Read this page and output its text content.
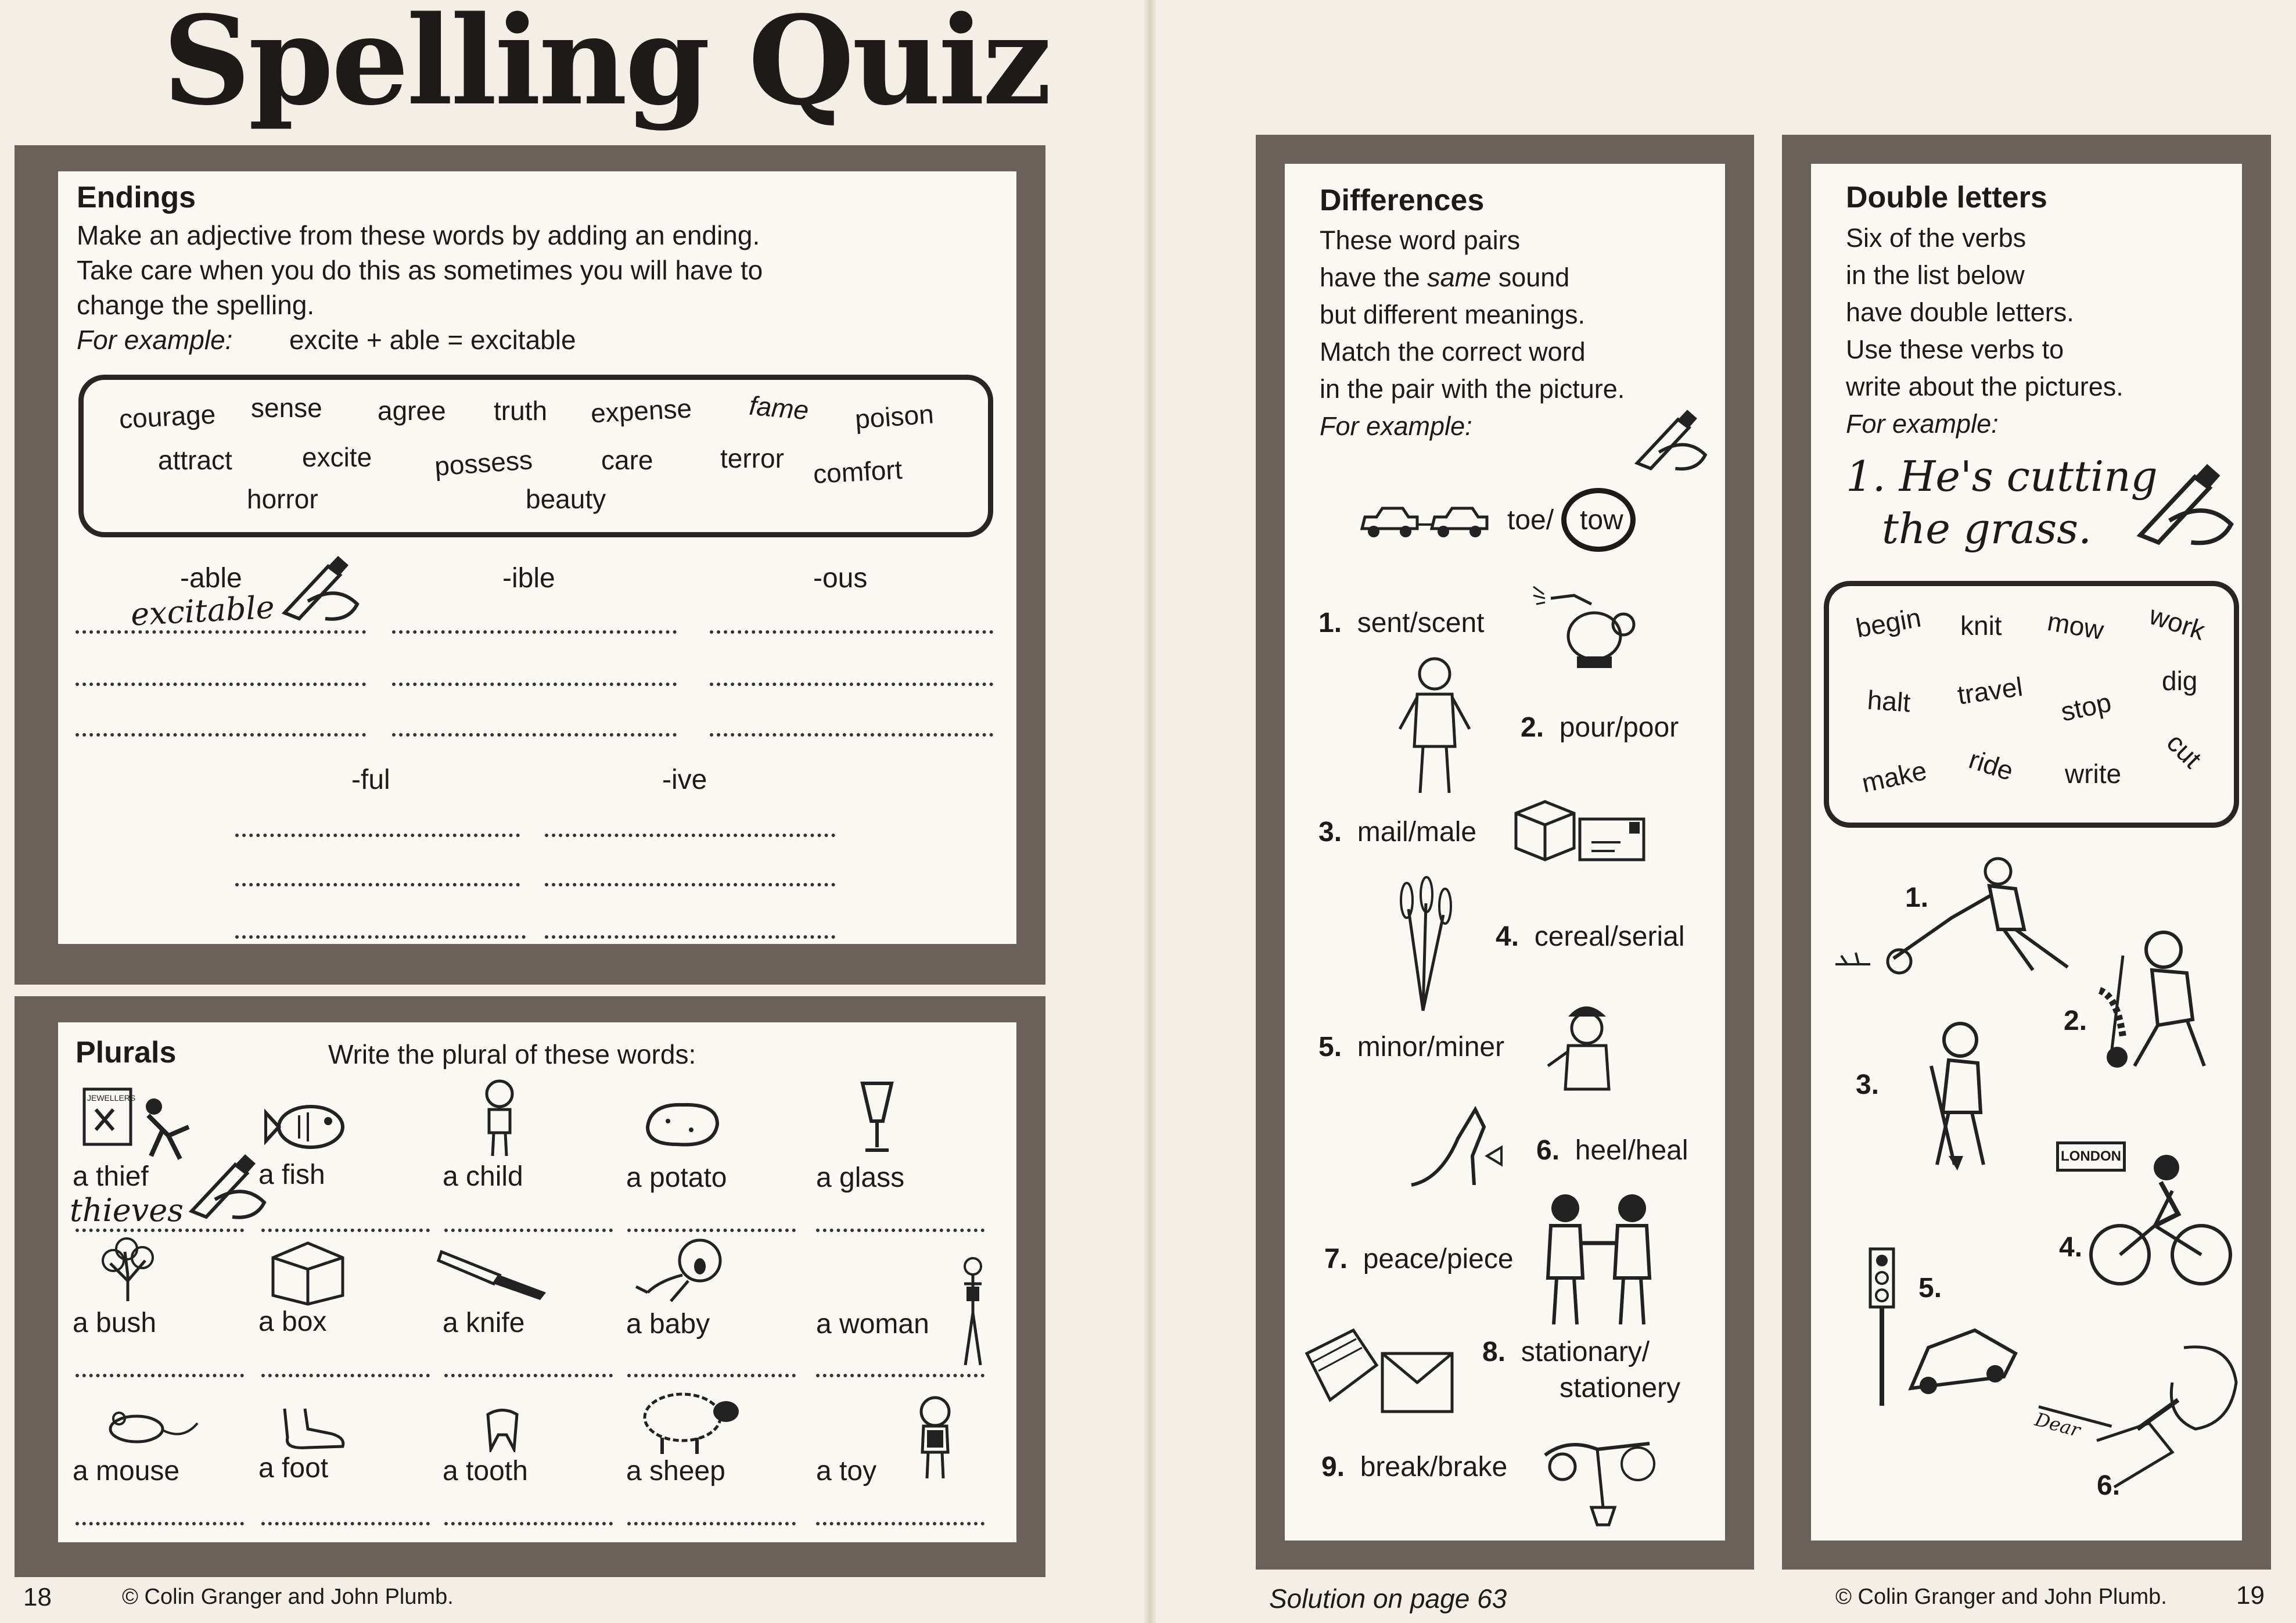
Spelling Quiz
Endings
Make an adjective from these words by adding an ending.
Take care when you do this as sometimes you will have to
change the spelling.
For example: excite + able = excitable
courage sense agree truth expense fame poison
attract	excite possess	care	terror comfort
horror	beauty
-able	-ible	-ous
excitable
-ful	-ive
Plurals	Write the plural of these words:
JEWELLERS
a thief	a fish	a child	a potato	a glass
thieves
a bush	a box	a knife	a baby	a woman
a mouse	a foot	a tooth	a sheep	a toy
Differences
These word pairs
have the same sound
but different meanings.
Match the correct word
in the pair with the picture.
For example:
toe/ tow
1. sent/scent
2. pour/poor
3. mail/male
4. cereal/serial
5. minor/miner
6. heel/heal
7. peace/piece
8. stationary/
stationery
9. break/brake
Double letters
Six of the verbs
in the list below
have double letters.
Use these verbs to
write about the pictures.
For example:
1. He's cutting
the grass.
begin knit mow work
halt travel stop
dig
make ride write cut
1.
2.
3.
LONDON
4.
5.
Dear
6.
18	© Colin Granger and John Plumb.	Solution on page 63	© Colin Granger and John Plumb.	19
